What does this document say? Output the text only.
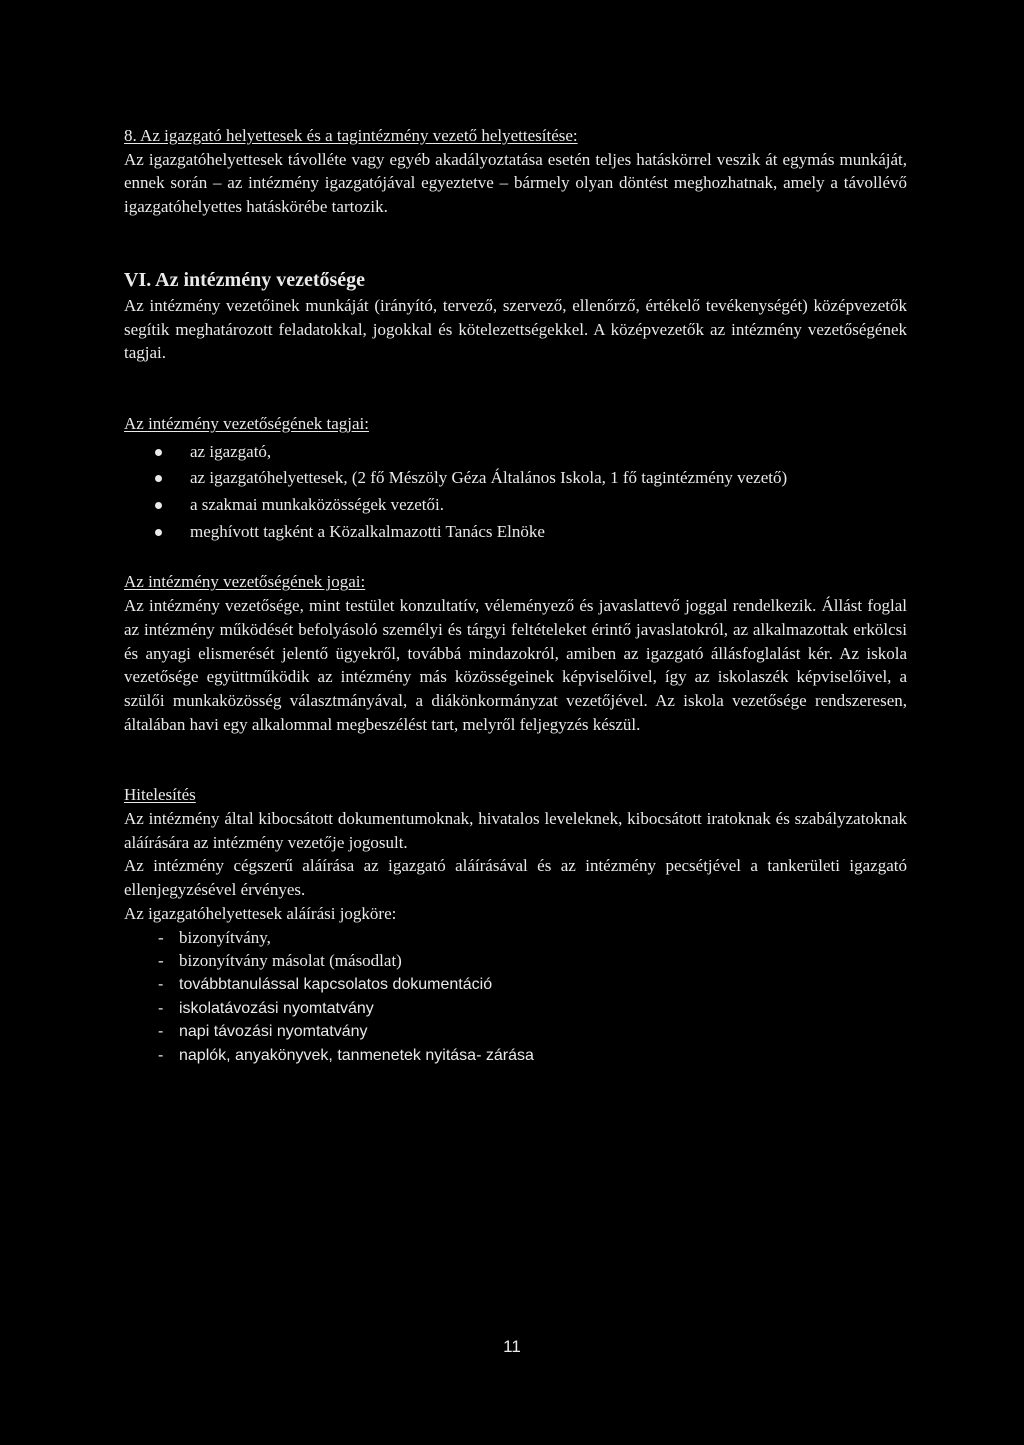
8. Az igazgató helyettesek és a tagintézmény vezető helyettesítése:

Az igazgatóhelyettesek távolléte vagy egyéb akadályoztatása esetén teljes hatáskörrel veszik át egymás munkáját, ennek során – az intézmény igazgatójával egyeztetve – bármely olyan döntést meghozhatnak, amely a távollévő igazgatóhelyettes hatáskörébe tartozik.

VI. Az intézmény vezetősége

Az intézmény vezetőinek munkáját (irányító, tervező, szervező, ellenőrző, értékelő tevékenységét) középvezetők segítik meghatározott feladatokkal, jogokkal és kötelezettségekkel. A középvezetők az intézmény vezetőségének tagjai.

Az intézmény vezetőségének tagjai:

az igazgató,
az igazgatóhelyettesek, (2 fő Mészöly Géza Általános Iskola, 1 fő tagintézmény vezető)
a szakmai munkaközösségek vezetői.
meghívott tagként a Közalkalmazotti Tanács Elnöke

Az intézmény vezetőségének jogai:

Az intézmény vezetősége, mint testület konzultatív, véleményező és javaslattevő joggal rendelkezik. Állást foglal az intézmény működését befolyásoló személyi és tárgyi feltételeket érintő javaslatokról, az alkalmazottak erkölcsi és anyagi elismerését jelentő ügyekről, továbbá mindazokról, amiben az igazgató állásfoglalást kér. Az iskola vezetősége együttműködik az intézmény más közösségeinek képviselőivel, így az iskolaszék képviselőivel, a szülői munkaközösség választmányával, a diákönkormányzat vezetőjével. Az iskola vezetősége rendszeresen, általában havi egy alkalommal megbeszélést tart, melyről feljegyzés készül.

Hitelesítés

Az intézmény által kibocsátott dokumentumoknak, hivatalos leveleknek, kibocsátott iratoknak és szabályzatoknak aláírására az intézmény vezetője jogosult.

Az intézmény cégszerű aláírása az igazgató aláírásával és az intézmény pecsétjével a tankerületi igazgató ellenjegyzésével érvényes.

Az igazgatóhelyettesek aláírási jogköre:

- bizonyítvány,
- bizonyítvány másolat (másodlat)
- továbbtanulással kapcsolatos dokumentáció
- iskolatávozási nyomtatvány
- napi távozási nyomtatvány
- naplók, anyakönyvek, tanmenetek nyitása- zárása
11
